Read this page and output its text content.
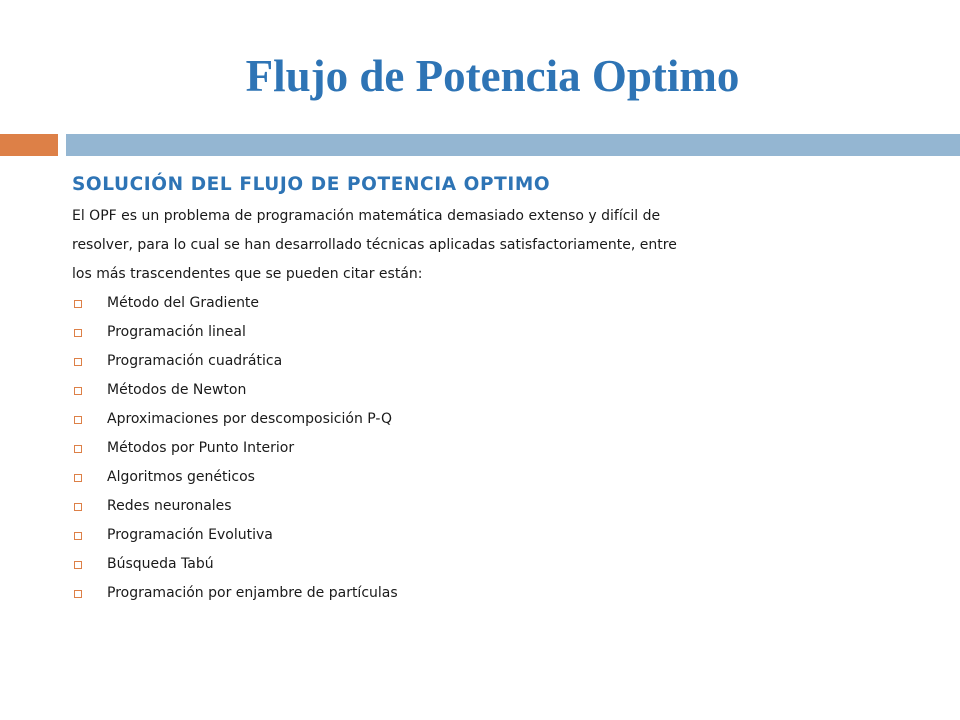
Flujo de Potencia Optimo
SOLUCIÓN DEL FLUJO DE POTENCIA OPTIMO
El OPF es un problema de programación matemática demasiado extenso y difícil de
resolver, para lo cual se han desarrollado técnicas aplicadas satisfactoriamente, entre
los más trascendentes que se pueden citar están:
Método del Gradiente
Programación lineal
Programación cuadrática
Métodos de Newton
Aproximaciones por descomposición P-Q
Métodos por Punto Interior
Algoritmos genéticos
Redes neuronales
Programación Evolutiva
Búsqueda Tabú
Programación por enjambre de partículas
